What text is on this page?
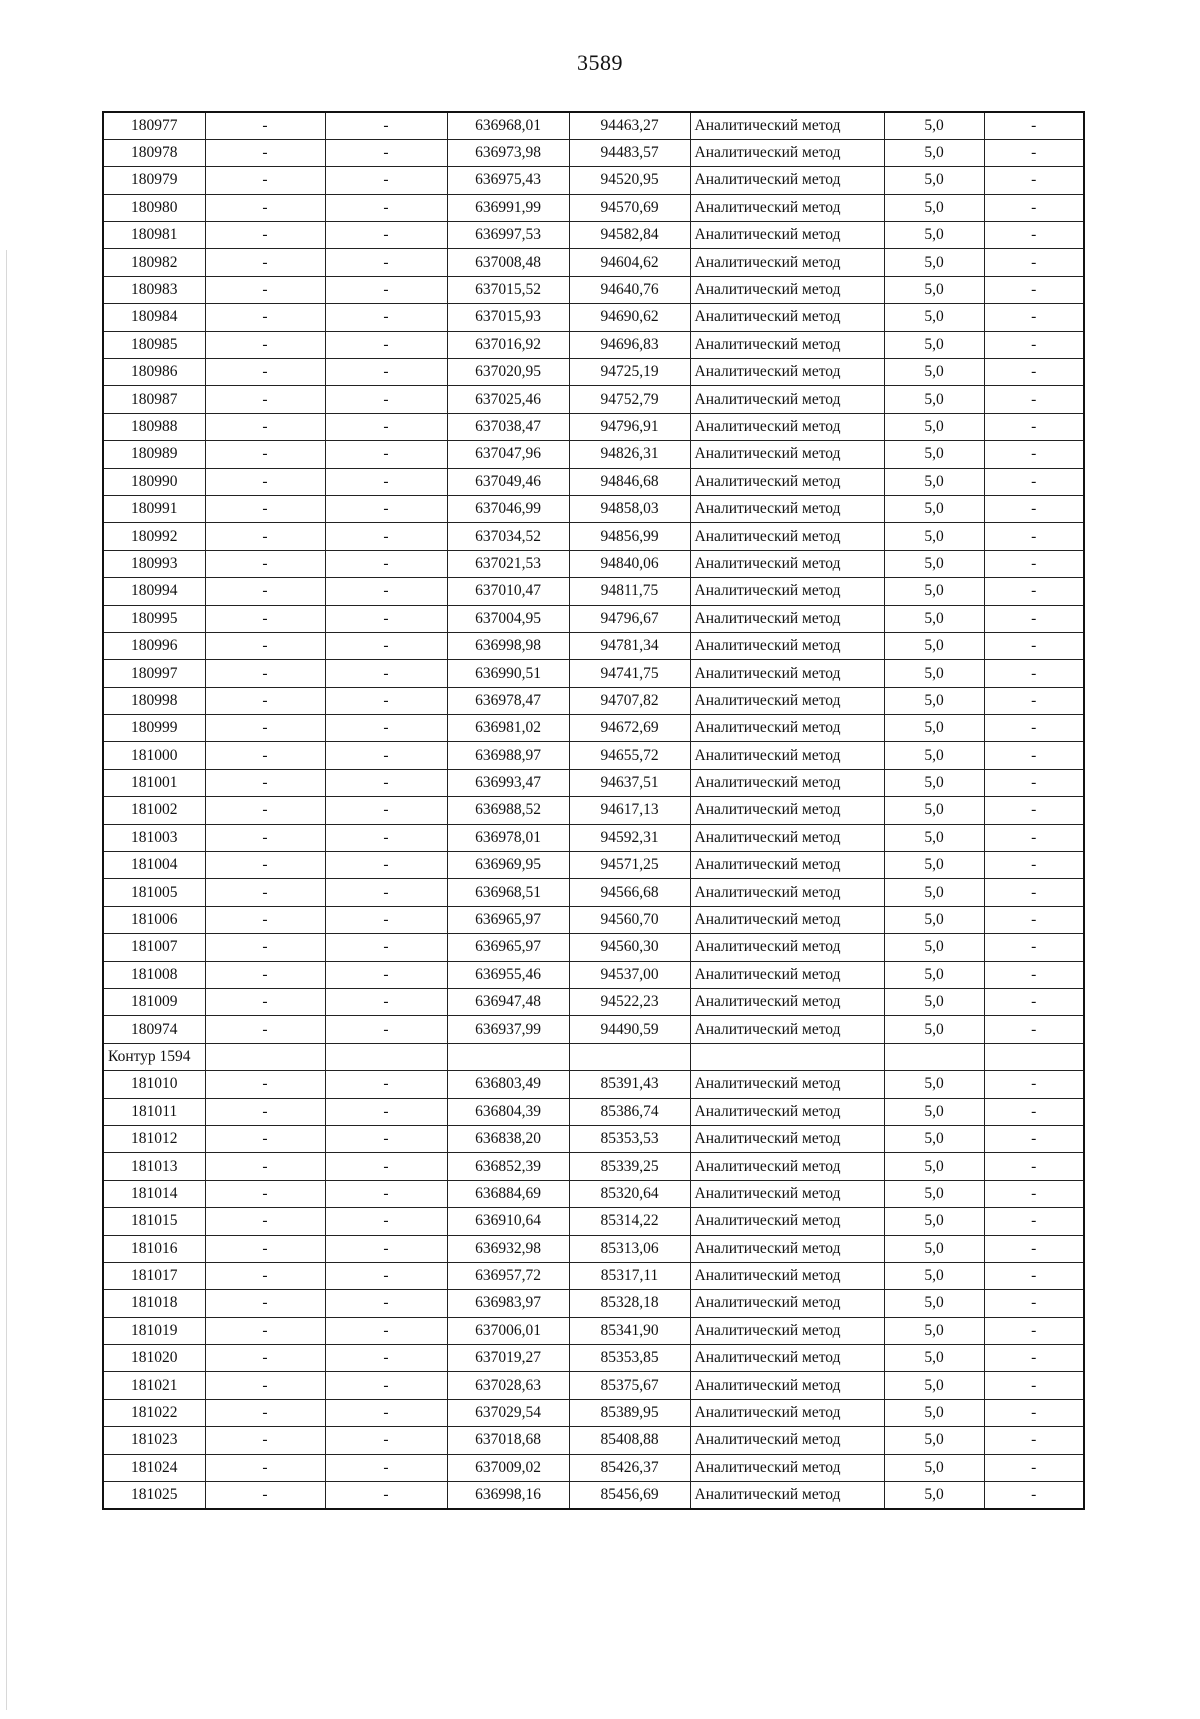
3589
180977	-	-	636968,01	94463,27	Аналитический метод	5,0	-
180978	-	-	636973,98	94483,57	Аналитический метод	5,0	-
180979	-	-	636975,43	94520,95	Аналитический метод	5,0	-
180980	-	-	636991,99	94570,69	Аналитический метод	5,0	-
180981	-	-	636997,53	94582,84	Аналитический метод	5,0	-
180982	-	-	637008,48	94604,62	Аналитический метод	5,0	-
180983	-	-	637015,52	94640,76	Аналитический метод	5,0	-
180984	-	-	637015,93	94690,62	Аналитический метод	5,0	-
180985	-	-	637016,92	94696,83	Аналитический метод	5,0	-
180986	-	-	637020,95	94725,19	Аналитический метод	5,0	-
180987	-	-	637025,46	94752,79	Аналитический метод	5,0	-
180988	-	-	637038,47	94796,91	Аналитический метод	5,0	-
180989	-	-	637047,96	94826,31	Аналитический метод	5,0	-
180990	-	-	637049,46	94846,68	Аналитический метод	5,0	-
180991	-	-	637046,99	94858,03	Аналитический метод	5,0	-
180992	-	-	637034,52	94856,99	Аналитический метод	5,0	-
180993	-	-	637021,53	94840,06	Аналитический метод	5,0	-
180994	-	-	637010,47	94811,75	Аналитический метод	5,0	-
180995	-	-	637004,95	94796,67	Аналитический метод	5,0	-
180996	-	-	636998,98	94781,34	Аналитический метод	5,0	-
180997	-	-	636990,51	94741,75	Аналитический метод	5,0	-
180998	-	-	636978,47	94707,82	Аналитический метод	5,0	-
180999	-	-	636981,02	94672,69	Аналитический метод	5,0	-
181000	-	-	636988,97	94655,72	Аналитический метод	5,0	-
181001	-	-	636993,47	94637,51	Аналитический метод	5,0	-
181002	-	-	636988,52	94617,13	Аналитический метод	5,0	-
181003	-	-	636978,01	94592,31	Аналитический метод	5,0	-
181004	-	-	636969,95	94571,25	Аналитический метод	5,0	-
181005	-	-	636968,51	94566,68	Аналитический метод	5,0	-
181006	-	-	636965,97	94560,70	Аналитический метод	5,0	-
181007	-	-	636965,97	94560,30	Аналитический метод	5,0	-
181008	-	-	636955,46	94537,00	Аналитический метод	5,0	-
181009	-	-	636947,48	94522,23	Аналитический метод	5,0	-
180974	-	-	636937,99	94490,59	Аналитический метод	5,0	-
Контур 1594							
181010	-	-	636803,49	85391,43	Аналитический метод	5,0	-
181011	-	-	636804,39	85386,74	Аналитический метод	5,0	-
181012	-	-	636838,20	85353,53	Аналитический метод	5,0	-
181013	-	-	636852,39	85339,25	Аналитический метод	5,0	-
181014	-	-	636884,69	85320,64	Аналитический метод	5,0	-
181015	-	-	636910,64	85314,22	Аналитический метод	5,0	-
181016	-	-	636932,98	85313,06	Аналитический метод	5,0	-
181017	-	-	636957,72	85317,11	Аналитический метод	5,0	-
181018	-	-	636983,97	85328,18	Аналитический метод	5,0	-
181019	-	-	637006,01	85341,90	Аналитический метод	5,0	-
181020	-	-	637019,27	85353,85	Аналитический метод	5,0	-
181021	-	-	637028,63	85375,67	Аналитический метод	5,0	-
181022	-	-	637029,54	85389,95	Аналитический метод	5,0	-
181023	-	-	637018,68	85408,88	Аналитический метод	5,0	-
181024	-	-	637009,02	85426,37	Аналитический метод	5,0	-
181025	-	-	636998,16	85456,69	Аналитический метод	5,0	-
